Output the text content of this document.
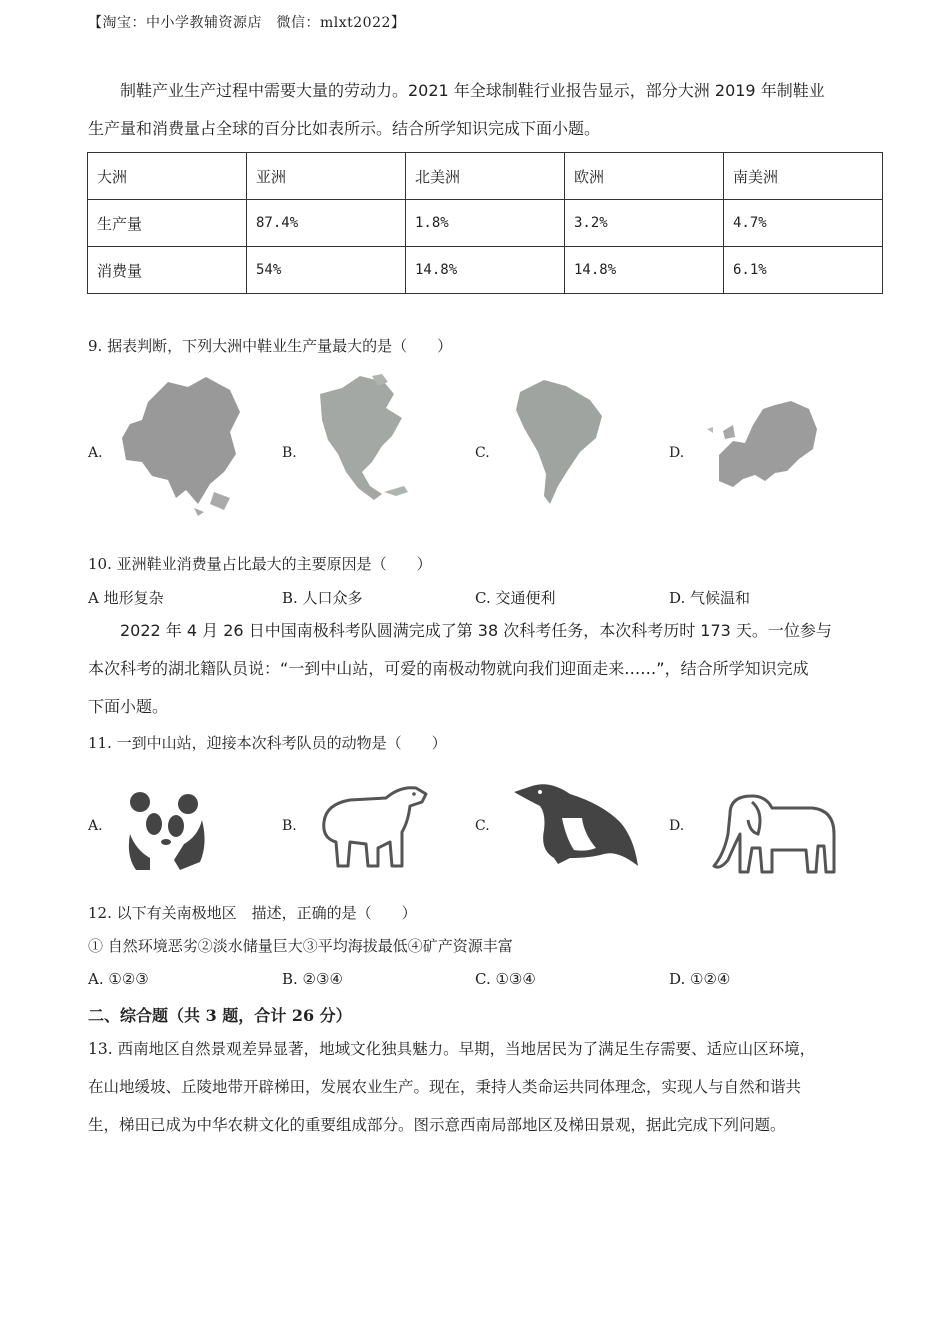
【淘宝：中小学教辅资源店　微信：mlxt2022】
制鞋产业生产过程中需要大量的劳动力。2021 年全球制鞋行业报告显示，部分大洲 2019 年制鞋业
生产量和消费量占全球的百分比如表所示。结合所学知识完成下面小题。
大洲	亚洲	北美洲	欧洲	南美洲
生产量	87.4%	1.8%	3.2%	4.7%
消费量	54%	14.8%	14.8%	6.1%
9. 据表判断，下列大洲中鞋业生产量最大的是（　　）
A.	B.	C.	D.
10. 亚洲鞋业消费量占比最大的主要原因是（　　）
A 地形复杂	B. 人口众多	C. 交通便利	D. 气候温和
2022 年 4 月 26 日中国南极科考队圆满完成了第 38 次科考任务，本次科考历时 173 天。一位参与
本次科考的湖北籍队员说：“一到中山站，可爱的南极动物就向我们迎面走来……”，结合所学知识完成
下面小题。
11. 一到中山站，迎接本次科考队员的动物是（　　）
A.	B.	C.	D.
12. 以下有关南极地区　描述，正确的是（　　）
① 自然环境恶劣②淡水储量巨大③平均海拔最低④矿产资源丰富
A. ①②③	B. ②③④	C. ①③④	D. ①②④
二、综合题（共 3 题，合计 26 分）
13. 西南地区自然景观差异显著，地域文化独具魅力。早期，当地居民为了满足生存需要、适应山区环境，
在山地缓坡、丘陵地带开辟梯田，发展农业生产。现在，秉持人类命运共同体理念，实现人与自然和谐共
生，梯田已成为中华农耕文化的重要组成部分。图示意西南局部地区及梯田景观，据此完成下列问题。
